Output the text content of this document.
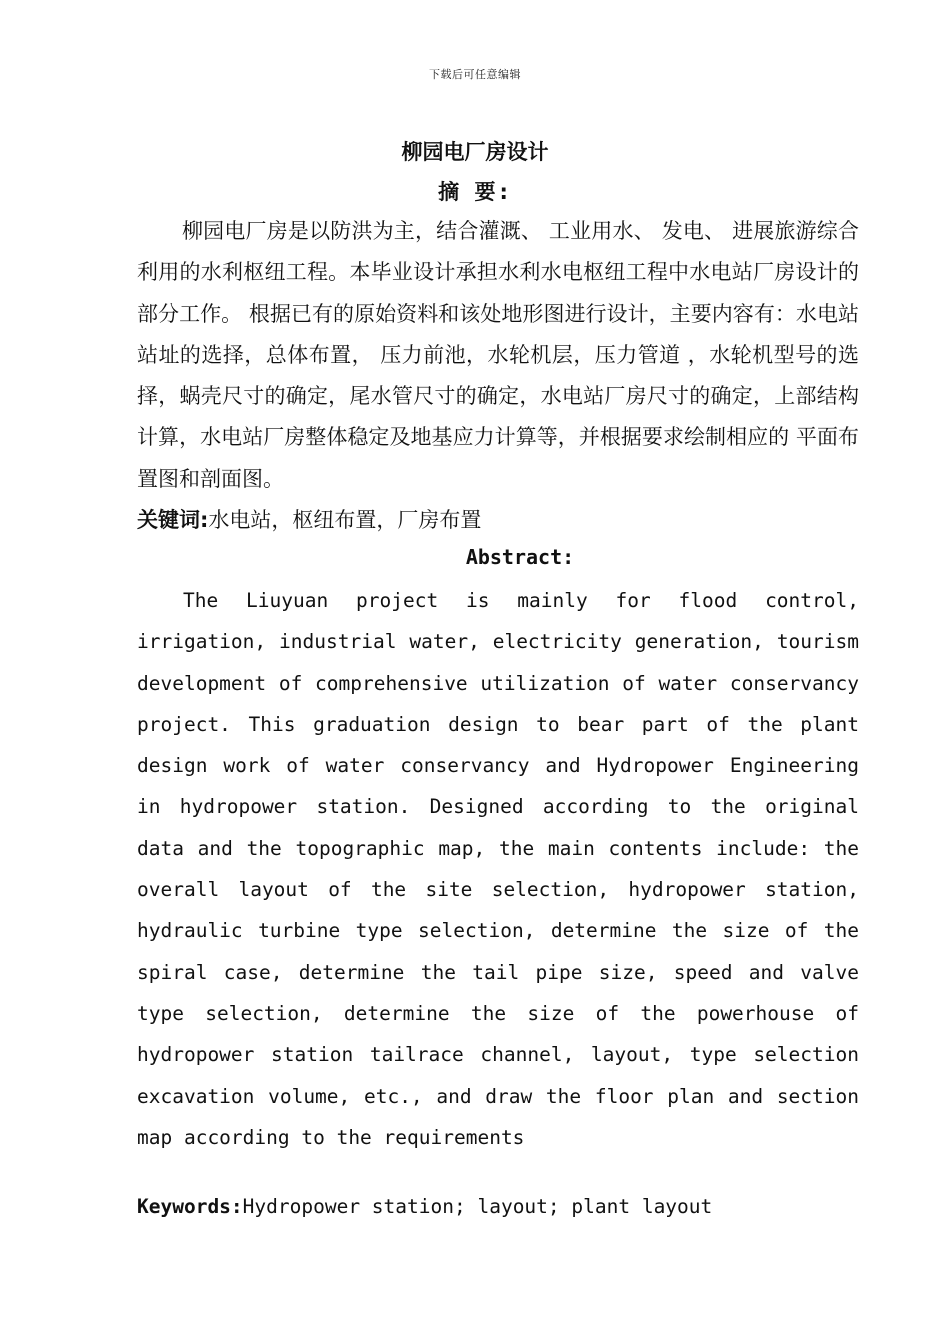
下载后可任意编辑
柳园电厂房设计
摘 要:

柳园电厂房是以防洪为主，结合灌溉、 工业用水、 发电、 进展旅游综合利用的水利枢纽工程。本毕业设计承担水利水电枢纽工程中水电站厂房设计的部分工作。 根据已有的原始资料和该处地形图进行设计，主要内容有：水电站站址的选择，总体布置， 压力前池，水轮机层，压力管道 ，水轮机型号的选择，蜗壳尺寸的确定，尾水管尺寸的确定，水电站厂房尺寸的确定，上部结构计算，水电站厂房整体稳定及地基应力计算等，并根据要求绘制相应的 平面布置图和剖面图。

关键词:水电站，枢纽布置，厂房布置
Abstract:

The Liuyuan project is mainly for flood control, irrigation, industrial water, electricity generation, tourism development of comprehensive utilization of water conservancy project. This graduation design to bear part of the plant design work of water conservancy and Hydropower Engineering in hydropower station. Designed according to the original data and the topographic map, the main contents include: the overall layout of the site selection, hydropower station, hydraulic turbine type selection, determine the size of the spiral case, determine the tail pipe size, speed and valve type selection, determine the size of the powerhouse of hydropower station tailrace channel, layout, type selection excavation volume, etc., and draw the floor plan and section map according to the requirements

Keywords:Hydropower station; layout; plant layout
